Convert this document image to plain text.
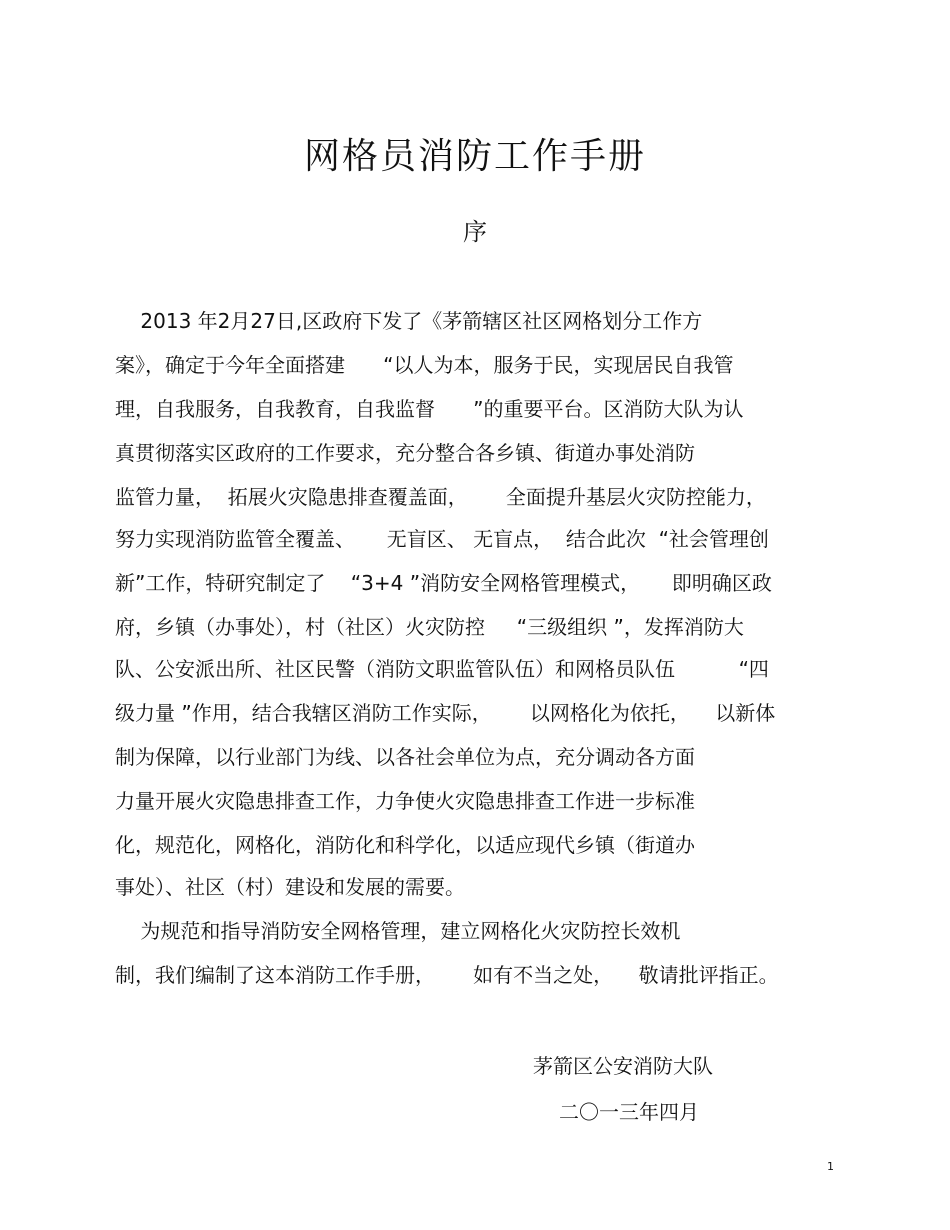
网格员消防工作手册
序
2013 年2月27日,区政府下发了《茅箭辖区社区网格划分工作方
案》，确定于今年全面搭建      “以人为本，服务于民，实现居民自我管
理，自我服务，自我教育，自我监督      ”的重要平台。区消防大队为认
真贯彻落实区政府的工作要求，充分整合各乡镇、街道办事处消防
监管力量，  拓展火灾隐患排查覆盖面，      全面提升基层火灾防控能力，
努力实现消防监管全覆盖、     无盲区、 无盲点，  结合此次  “社会管理创
新”工作，特研究制定了    “3+4 ”消防安全网格管理模式，     即明确区政
府，乡镇（办事处），村（社区）火灾防控     “三级组织 ”，发挥消防大
队、公安派出所、社区民警（消防文职监管队伍）和网格员队伍          “四
级力量 ”作用，结合我辖区消防工作实际，      以网格化为依托，    以新体
制为保障，以行业部门为线、以各社会单位为点，充分调动各方面
力量开展火灾隐患排查工作，力争使火灾隐患排查工作进一步标准
化，规范化，网格化，消防化和科学化，以适应现代乡镇（街道办
事处）、社区（村）建设和发展的需要。
为规范和指导消防安全网格管理，建立网格化火灾防控长效机
制，我们编制了这本消防工作手册，      如有不当之处，    敬请批评指正。
茅箭区公安消防大队
二〇一三年四月
1
